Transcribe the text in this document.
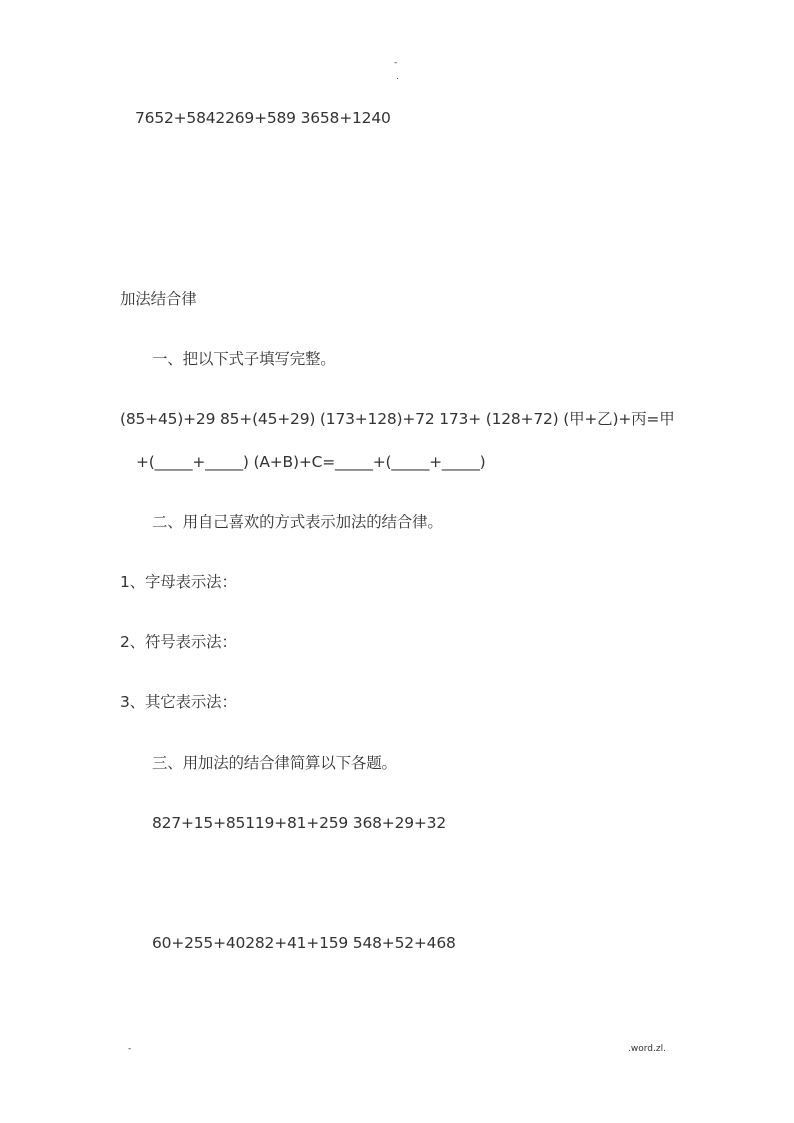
-
.
7652+5842269+589 3658+1240
加法结合律
一、把以下式子填写完整。
(85+45)+29 85+(45+29) (173+128)+72 173+ (128+72) (甲+乙)+丙=甲
+(_____+_____) (A+B)+C=_____+(_____+_____)
二、用自己喜欢的方式表示加法的结合律。
1、字母表示法：
2、符号表示法：
3、其它表示法：
三、用加法的结合律简算以下各题。
827+15+85119+81+259 368+29+32
60+255+40282+41+159 548+52+468
-	.word.zl.
